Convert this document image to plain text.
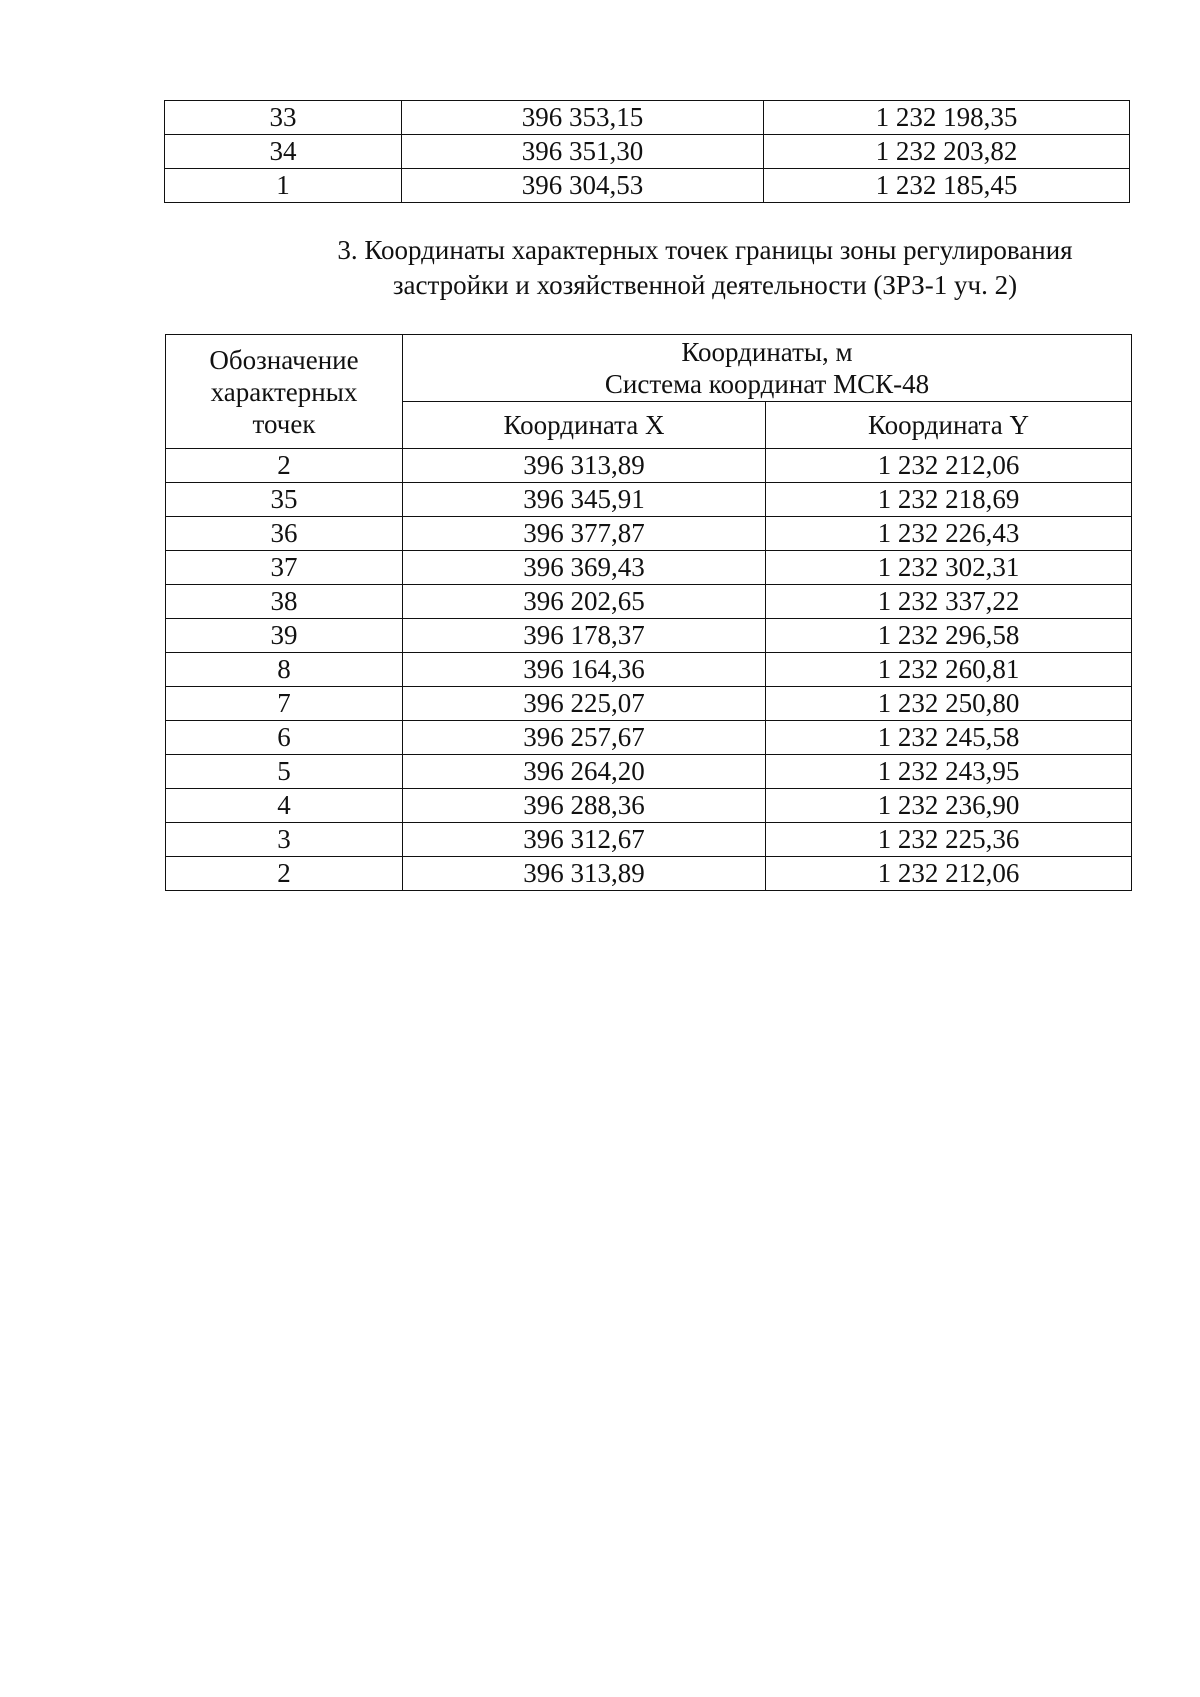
33	396 353,15	1 232 198,35
34	396 351,30	1 232 203,82
1	396 304,53	1 232 185,45
3. Координаты характерных точек границы зоны регулирования
застройки и хозяйственной деятельности (ЗРЗ-1 уч. 2)
Обозначение
характерных
точек	Координаты, м
Система координат МСК-48	

	Координата X	Координата Y
2	396 313,89	1 232 212,06
35	396 345,91	1 232 218,69
36	396 377,87	1 232 226,43
37	396 369,43	1 232 302,31
38	396 202,65	1 232 337,22
39	396 178,37	1 232 296,58
8	396 164,36	1 232 260,81
7	396 225,07	1 232 250,80
6	396 257,67	1 232 245,58
5	396 264,20	1 232 243,95
4	396 288,36	1 232 236,90
3	396 312,67	1 232 225,36
2	396 313,89	1 232 212,06
